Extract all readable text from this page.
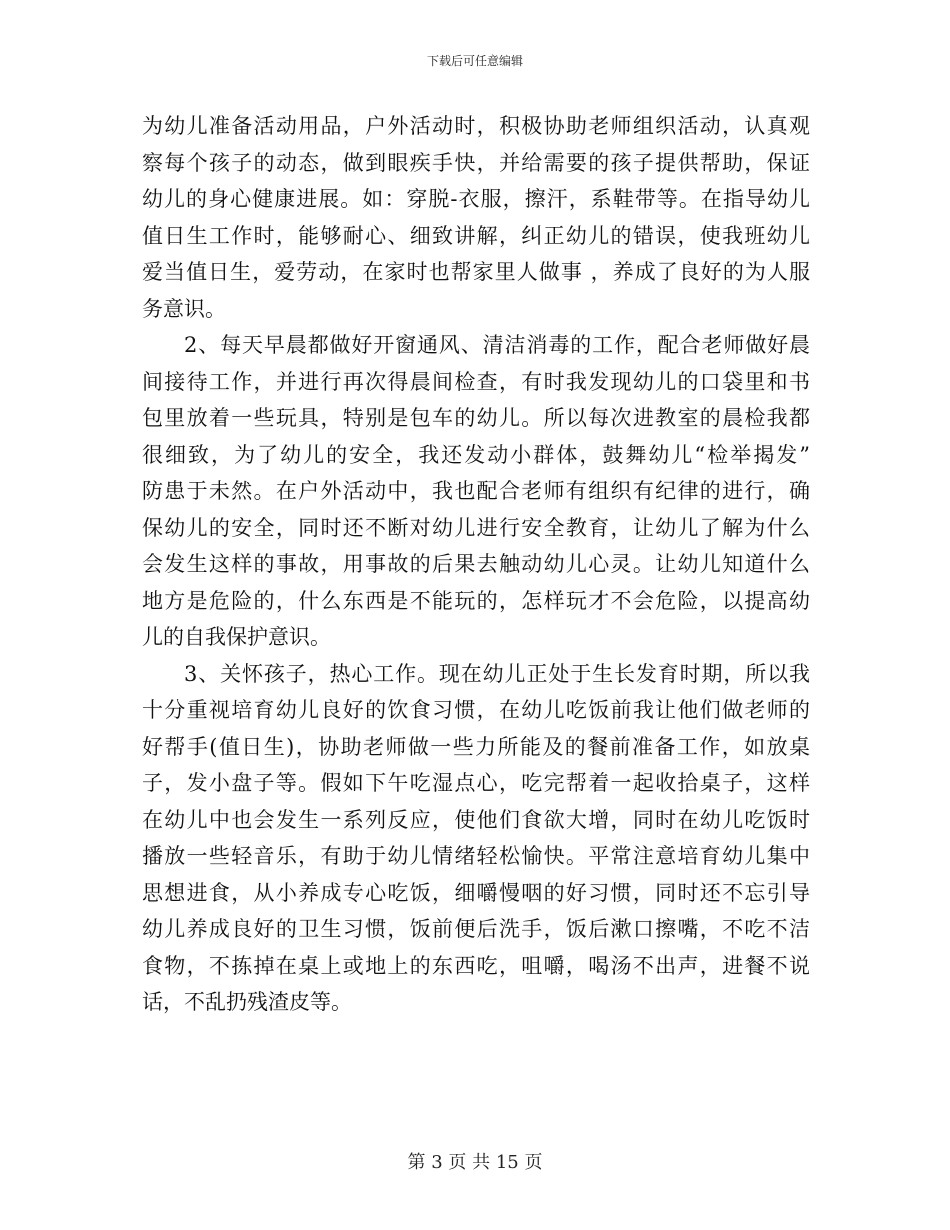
下载后可任意编辑
为幼儿准备活动用品，户外活动时，积极协助老师组织活动，认真观
察每个孩子的动态，做到眼疾手快，并给需要的孩子提供帮助，保证
幼儿的身心健康进展。如：穿脱-衣服，擦汗，系鞋带等。在指导幼儿
值日生工作时，能够耐心、细致讲解，纠正幼儿的错误，使我班幼儿
爱当值日生，爱劳动，在家时也帮家里人做事 ，养成了良好的为人服
务意识。
2、每天早晨都做好开窗通风、清洁消毒的工作，配合老师做好晨
间接待工作，并进行再次得晨间检查，有时我发现幼儿的口袋里和书
包里放着一些玩具，特别是包车的幼儿。所以每次进教室的晨检我都
很细致，为了幼儿的安全，我还发动小群体，鼓舞幼儿“检举揭发”
防患于未然。在户外活动中，我也配合老师有组织有纪律的进行，确
保幼儿的安全，同时还不断对幼儿进行安全教育，让幼儿了解为什么
会发生这样的事故，用事故的后果去触动幼儿心灵。让幼儿知道什么
地方是危险的，什么东西是不能玩的，怎样玩才不会危险，以提高幼
儿的自我保护意识。
3、关怀孩子，热心工作。现在幼儿正处于生长发育时期，所以我
十分重视培育幼儿良好的饮食习惯，在幼儿吃饭前我让他们做老师的
好帮手(值日生)，协助老师做一些力所能及的餐前准备工作，如放桌
子，发小盘子等。假如下午吃湿点心，吃完帮着一起收拾桌子，这样
在幼儿中也会发生一系列反应，使他们食欲大增，同时在幼儿吃饭时
播放一些轻音乐，有助于幼儿情绪轻松愉快。平常注意培育幼儿集中
思想进食，从小养成专心吃饭，细嚼慢咽的好习惯，同时还不忘引导
幼儿养成良好的卫生习惯，饭前便后洗手，饭后漱口擦嘴，不吃不洁
食物，不拣掉在桌上或地上的东西吃，咀嚼，喝汤不出声，进餐不说
话，不乱扔残渣皮等。
第 3 页 共 15 页
